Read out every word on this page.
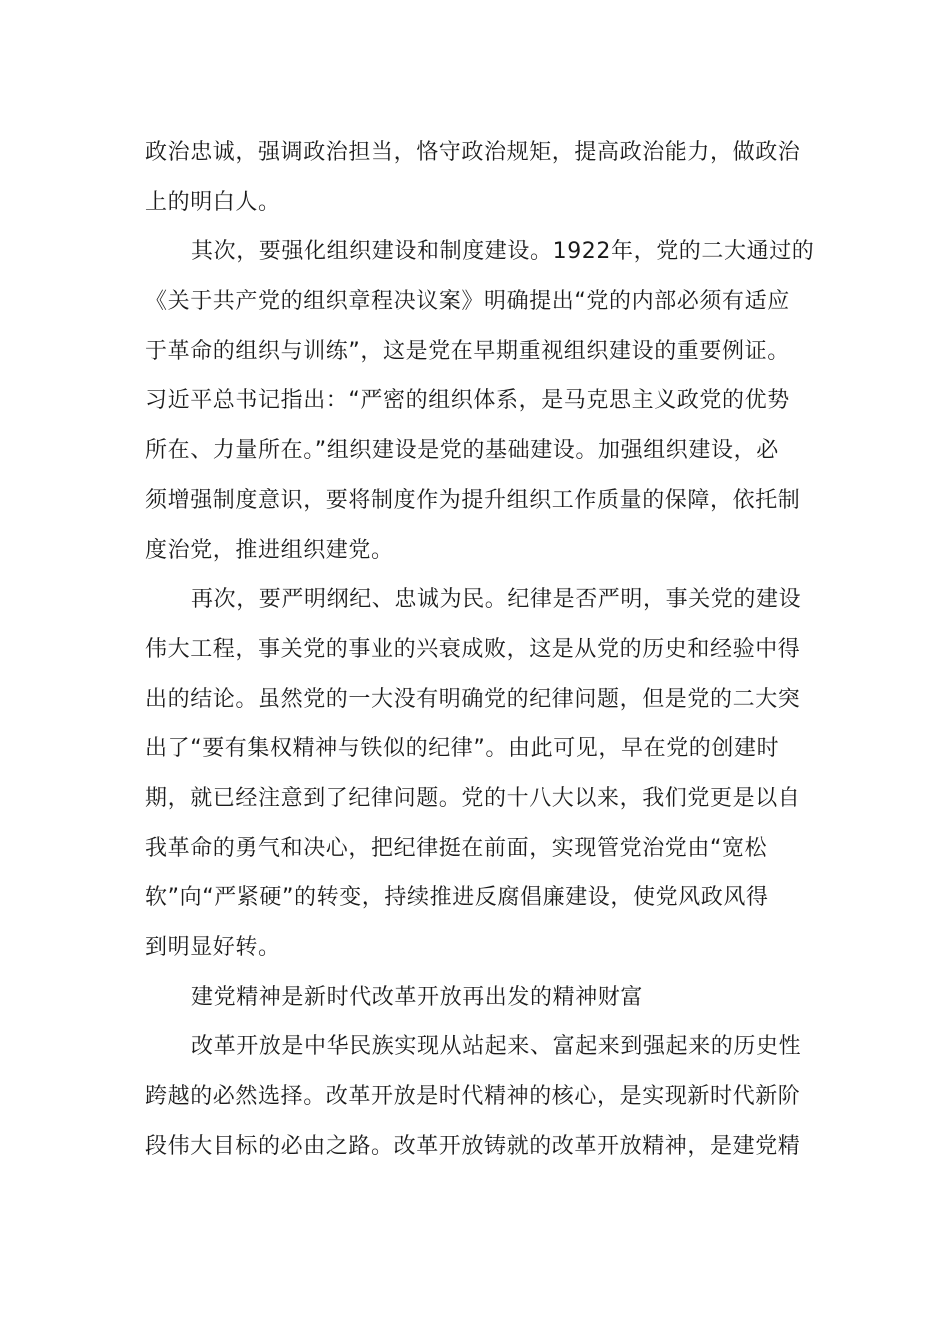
政治忠诚，强调政治担当，恪守政治规矩，提高政治能力，做政治
上的明白人。
其次，要强化组织建设和制度建设。1922年，党的二大通过的
《关于共产党的组织章程决议案》明确提出“党的内部必须有适应
于革命的组织与训练”，这是党在早期重视组织建设的重要例证。
习近平总书记指出：“严密的组织体系，是马克思主义政党的优势
所在、力量所在。”组织建设是党的基础建设。加强组织建设，必
须增强制度意识，要将制度作为提升组织工作质量的保障，依托制
度治党，推进组织建党。
再次，要严明纲纪、忠诚为民。纪律是否严明，事关党的建设
伟大工程，事关党的事业的兴衰成败，这是从党的历史和经验中得
出的结论。虽然党的一大没有明确党的纪律问题，但是党的二大突
出了“要有集权精神与铁似的纪律”。由此可见，早在党的创建时
期，就已经注意到了纪律问题。党的十八大以来，我们党更是以自
我革命的勇气和决心，把纪律挺在前面，实现管党治党由“宽松
软”向“严紧硬”的转变，持续推进反腐倡廉建设，使党风政风得
到明显好转。
建党精神是新时代改革开放再出发的精神财富
改革开放是中华民族实现从站起来、富起来到强起来的历史性
跨越的必然选择。改革开放是时代精神的核心，是实现新时代新阶
段伟大目标的必由之路。改革开放铸就的改革开放精神，是建党精
